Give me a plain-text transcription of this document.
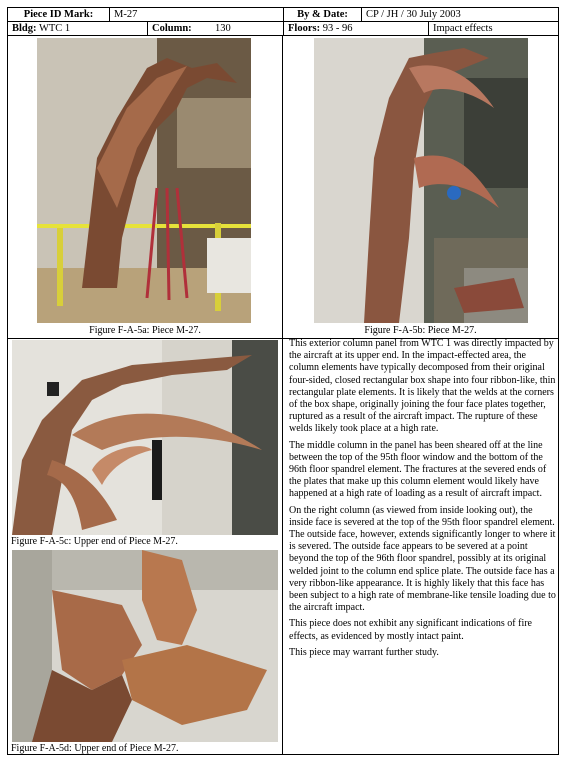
Piece ID Mark:	M-27	By & Date:	CP / JH / 30 July 2003
Bldg: WTC 1	Column: 130	Floors: 93 - 96	Impact effects
Figure F-A-5a: Piece M-27.	Figure F-A-5b: Piece M-27.
Figure F-A-5c: Upper end of Piece M-27.
Figure F-A-5d: Upper end of Piece M-27.

This exterior column panel from WTC 1 was directly impacted by the aircraft at its upper end. In the impact-effected area, the column elements have typically decomposed from their original four-sided, closed rectangular box shape into four ribbon-like, thin rectangular plate elements. It is likely that the welds at the corners of the box shape, originally joining the four face plates together, ruptured as a result of the aircraft impact. The rupture of these welds likely took place at a high rate.

The middle column in the panel has been sheared off at the line between the top of the 95th floor window and the bottom of the 96th floor spandrel element. The fractures at the severed ends of the plates that make up this column element would likely have happened at a high rate of loading as a result of aircraft impact.

On the right column (as viewed from inside looking out), the inside face is severed at the top of the 95th floor spandrel element. The outside face, however, extends significantly longer to where it is severed. The outside face appears to be severed at a point beyond the top of the 96th floor spandrel, possibly at its original welded joint to the column end splice plate. The outside face has a very ribbon-like appearance. It is highly likely that this face has been subject to a high rate of membrane-like tensile loading due to the aircraft impact.

This piece does not exhibit any significant indications of fire effects, as evidenced by mostly intact paint.

This piece may warrant further study.
